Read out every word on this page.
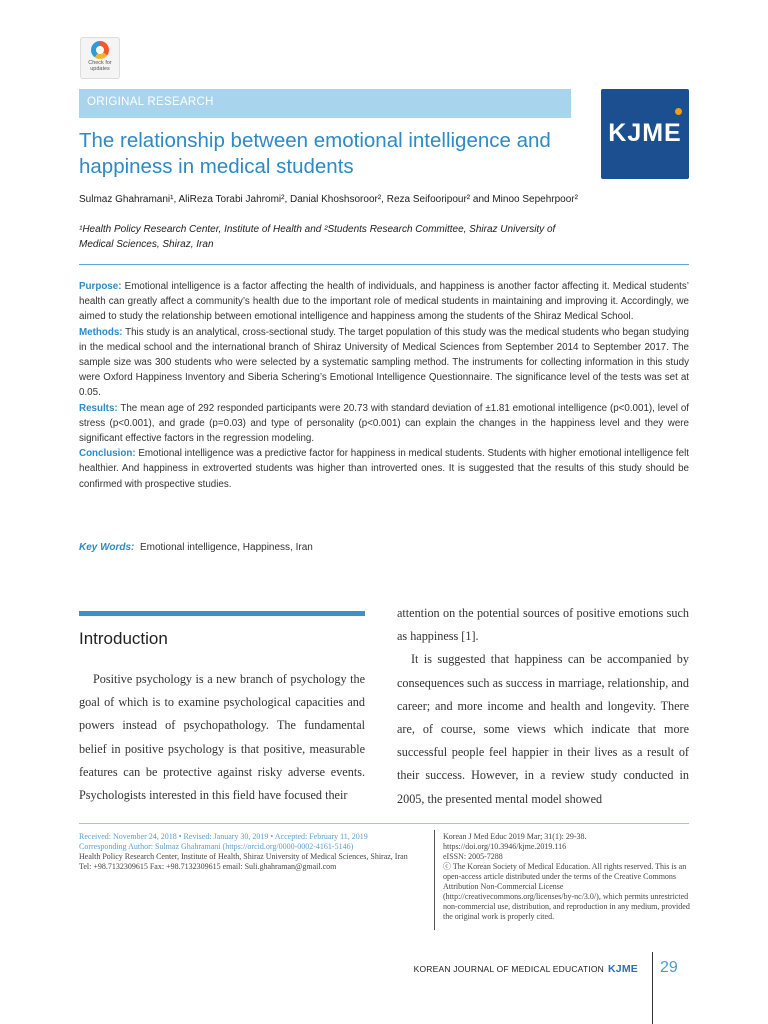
Check for
updates
ORIGINAL RESEARCH
KJME
The relationship between emotional intelligence and happiness in medical students
Sulmaz Ghahramani¹, AliReza Torabi Jahromi², Danial Khoshsoroor², Reza Seifooripour² and Minoo Sepehrpoor²
¹Health Policy Research Center, Institute of Health and ²Students Research Committee, Shiraz University of Medical Sciences, Shiraz, Iran

Purpose: Emotional intelligence is a factor affecting the health of individuals, and happiness is another factor affecting it. Medical students’ health can greatly affect a community’s health due to the important role of medical students in maintaining and improving it. Accordingly, we aimed to study the relationship between emotional intelligence and happiness among the students of the Shiraz Medical School.

Methods: This study is an analytical, cross-sectional study. The target population of this study was the medical students who began studying in the medical school and the international branch of Shiraz University of Medical Sciences from September 2014 to September 2017. The sample size was 300 students who were selected by a systematic sampling method. The instruments for collecting information in this study were Oxford Happiness Inventory and Siberia Schering’s Emotional Intelligence Questionnaire. The significance level of the tests was set at 0.05.

Results: The mean age of 292 responded participants were 20.73 with standard deviation of ±1.81 emotional intelligence (p<0.001), level of stress (p<0.001), and grade (p=0.03) and type of personality (p<0.001) can explain the changes in the happiness level and they were significant effective factors in the regression modeling.

Conclusion: Emotional intelligence was a predictive factor for happiness in medical students. Students with higher emotional intelligence felt healthier. And happiness in extroverted students was higher than introverted ones. It is suggested that the results of this study should be confirmed with prospective studies.

Key Words: Emotional intelligence, Happiness, Iran
Introduction

Positive psychology is a new branch of psychology the goal of which is to examine psychological capacities and powers instead of psychopathology. The fundamental belief in positive psychology is that positive, measurable features can be protective against risky adverse events. Psychologists interested in this field have focused their

attention on the potential sources of positive emotions such as happiness [1].

It is suggested that happiness can be accompanied by consequences such as success in marriage, relationship, and career; and more income and health and longevity. There are, of course, some views which indicate that more successful people feel happier in their lives as a result of their success. However, in a review study conducted in 2005, the presented mental model showed

Received: November 24, 2018 • Revised: January 30, 2019 • Accepted: February 11, 2019
Corresponding Author: Sulmaz Ghahramani (https://orcid.org/0000-0002-4161-5146)
Health Policy Research Center, Institute of Health, Shiraz University of Medical Sciences, Shiraz, Iran
Tel: +98.7132309615 Fax: +98.7132309615 email: Suli.ghahraman@gmail.com
Korean J Med Educ 2019 Mar; 31(1): 29-38.
https://doi.org/10.3946/kjme.2019.116
eISSN: 2005-7288
ⓒ The Korean Society of Medical Education. All rights reserved. This is an open-access article distributed under the terms of the Creative Commons Attribution Non-Commercial License (http://creativecommons.org/licenses/by-nc/3.0/), which permits unrestricted non-commercial use, distribution, and reproduction in any medium, provided the original work is properly cited.
KOREAN JOURNAL OF MEDICAL EDUCATION KJME 29
